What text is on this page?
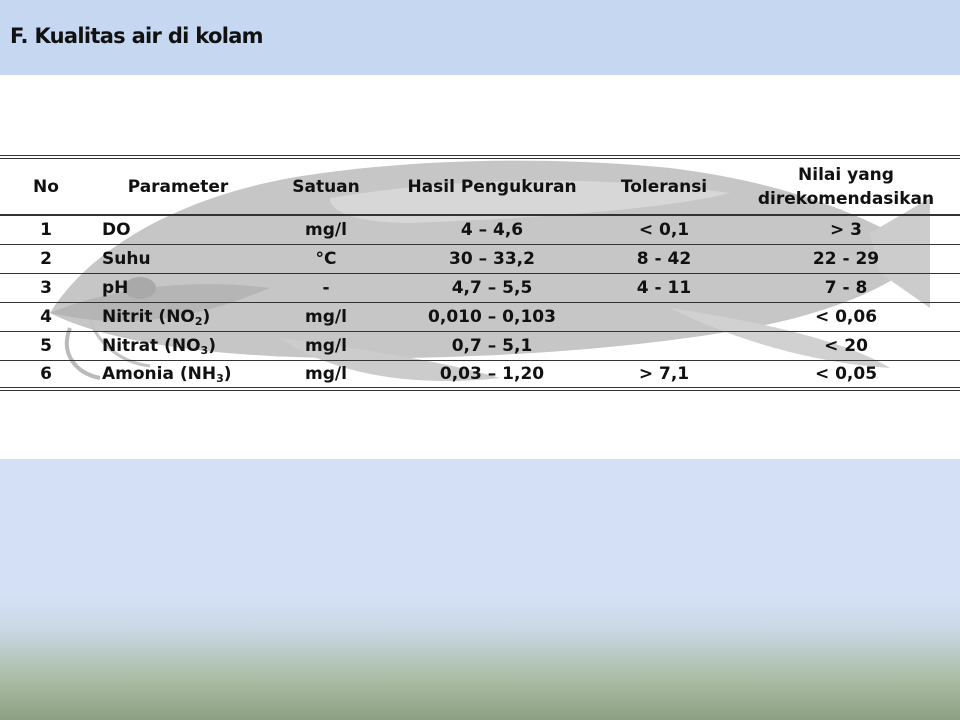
F. Kualitas air di kolam
No	Parameter	Satuan	Hasil Pengukuran	Toleransi	Nilai yang direkomendasikan
1	DO	mg/l	4 – 4,6	< 0,1	> 3
2	Suhu	°C	30 – 33,2	8 - 42	22 - 29
3	pH	-	4,7 – 5,5	4 - 11	7 - 8
4	Nitrit $(NO_2)$	mg/l	0,010 – 0,103		< 0,06
5	Nitrat $(NO_3)$	mg/l	0,7 – 5,1		< 20
6	Amonia $(NH_3)$	mg/l	0,03 – 1,20	> 7,1	< 0,05
